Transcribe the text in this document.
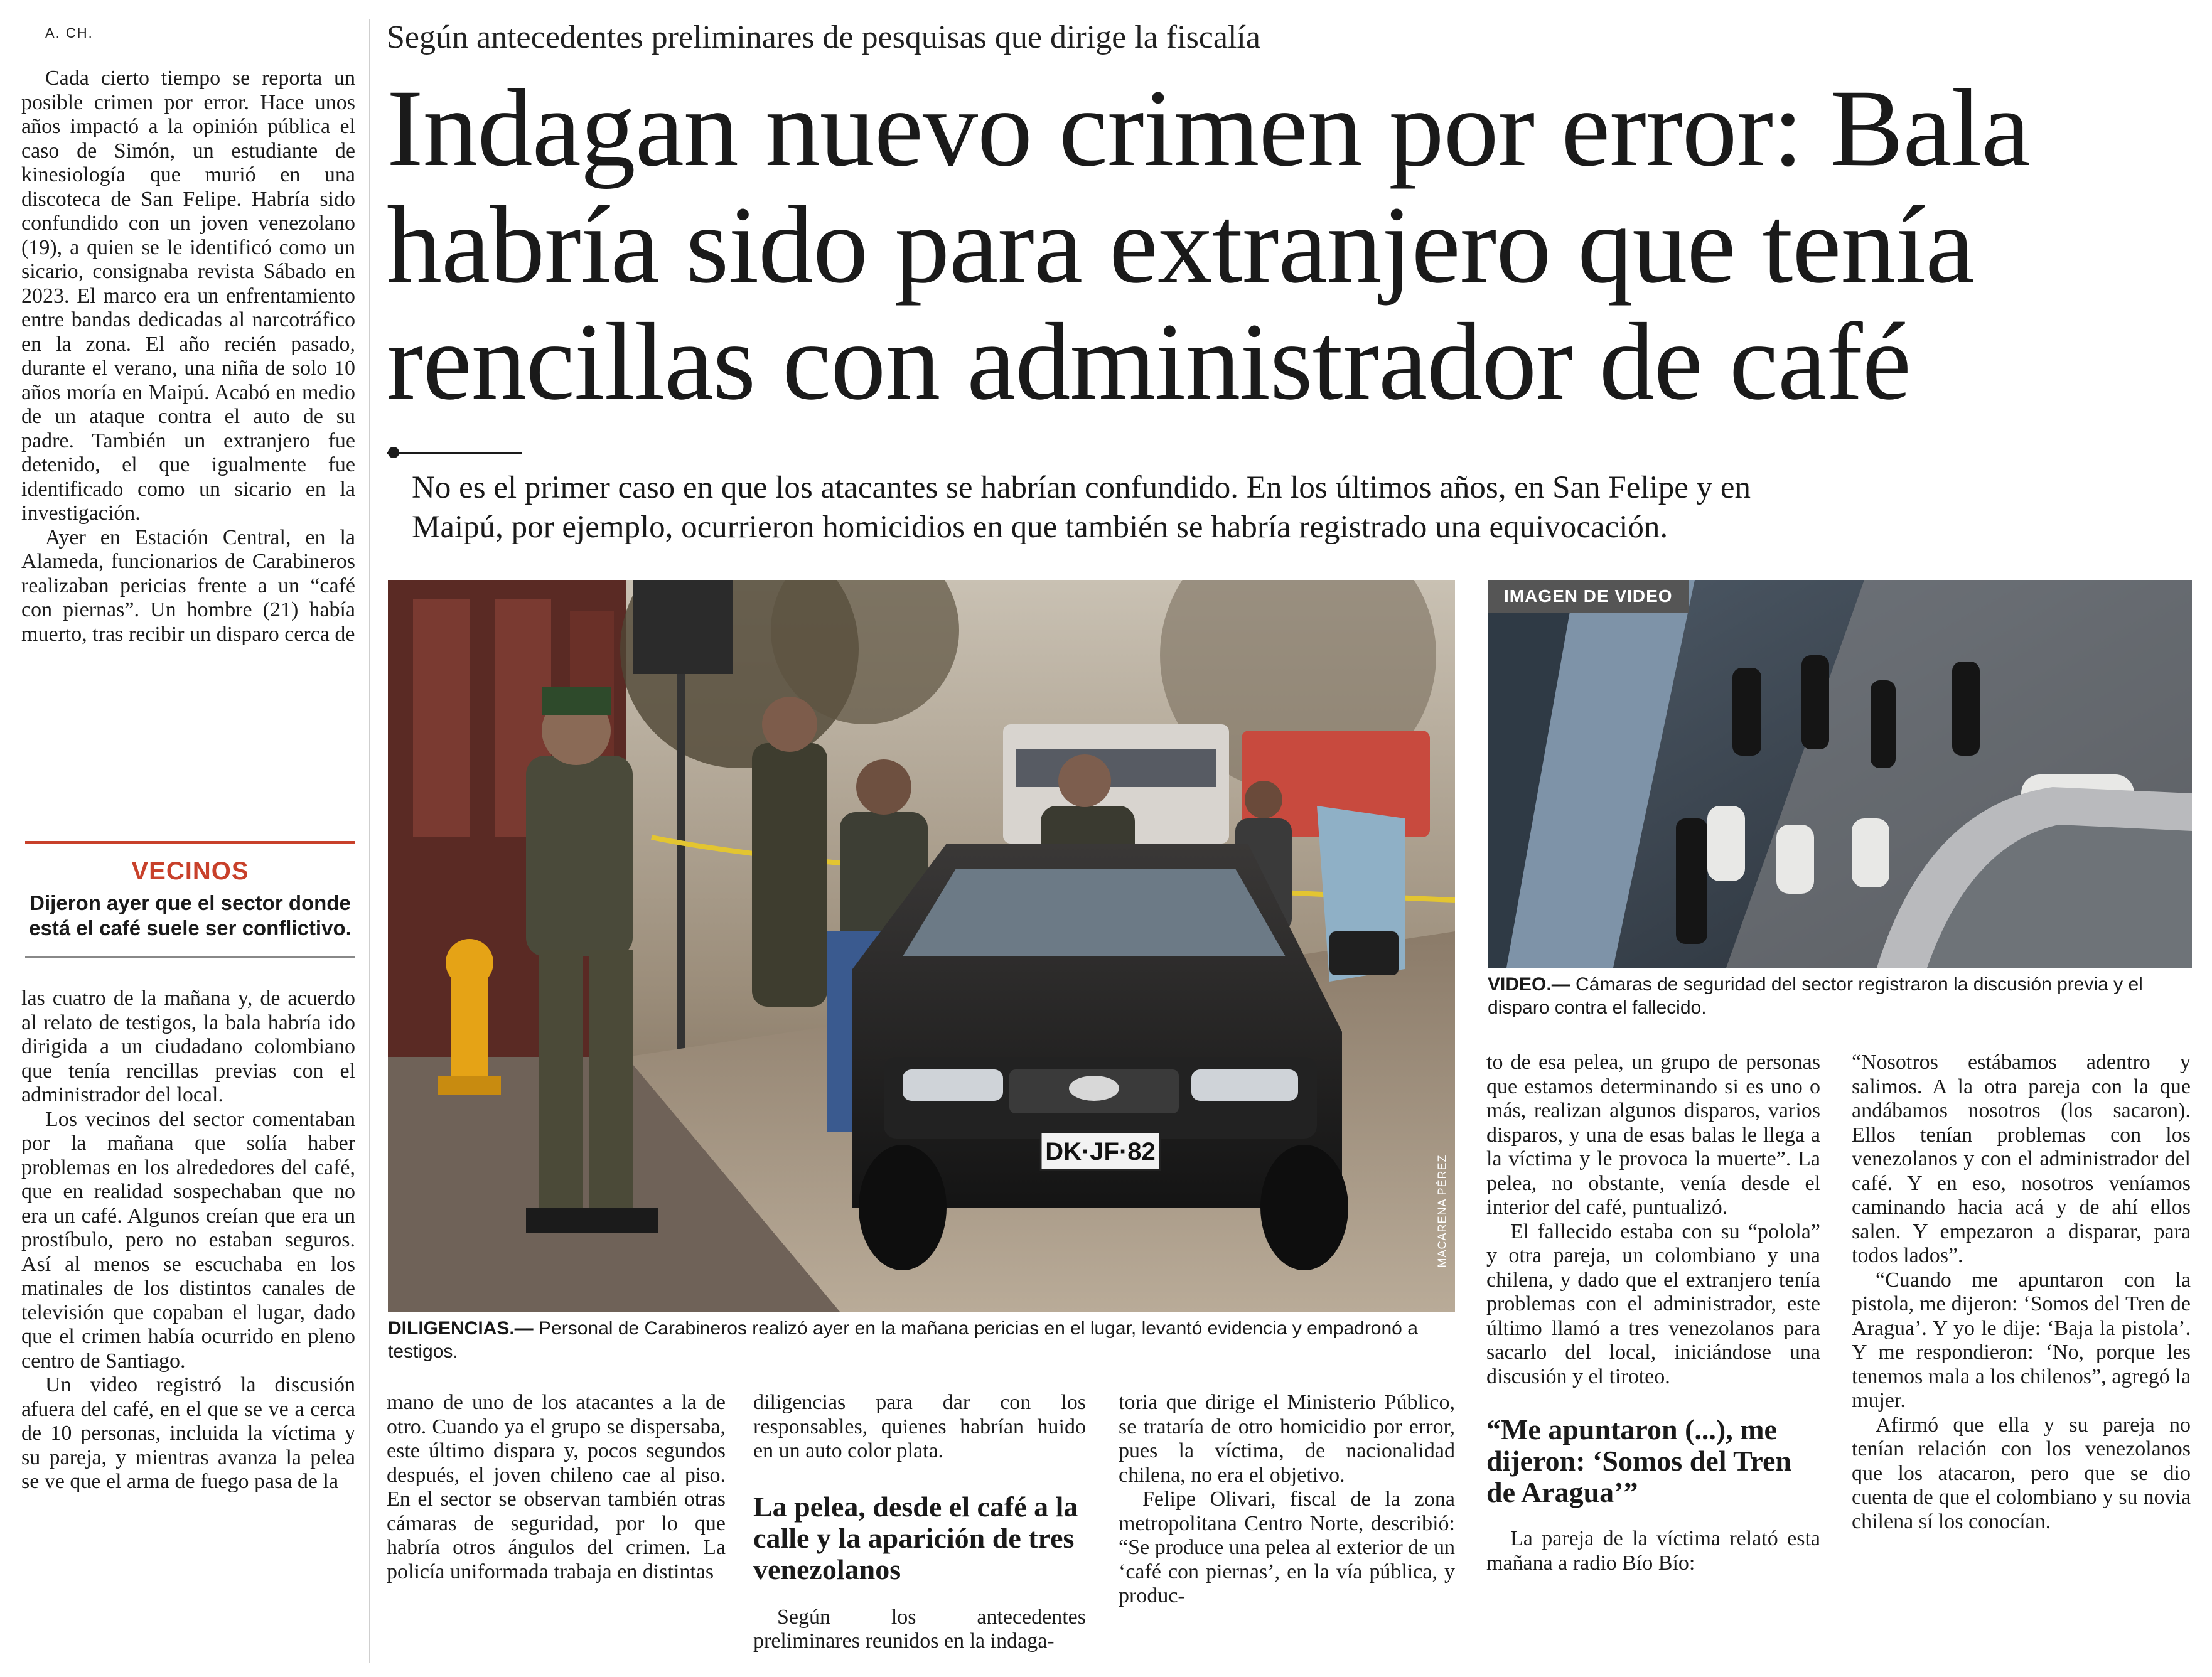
A. CH.

Cada cierto tiempo se reporta un posible crimen por error. Hace unos años impactó a la opinión pública el caso de Simón, un estudiante de kinesiología que murió en una discoteca de San Felipe. Habría sido confundido con un joven venezolano (19), a quien se le identificó como un sicario, consignaba revista Sábado en 2023. El marco era un enfrentamiento entre bandas dedicadas al narcotráfico en la zona. El año recién pasado, durante el verano, una niña de solo 10 años moría en Maipú. Acabó en medio de un ataque contra el auto de su padre. También un extranjero fue detenido, el que igualmente fue identificado como un sicario en la investigación.

Ayer en Estación Central, en la Alameda, funcionarios de Carabineros realizaban pericias frente a un “café con piernas”. Un hombre (21) había muerto, tras recibir un disparo cerca de

VECINOS
Dijeron ayer que el sector donde está el café suele ser conflictivo.

las cuatro de la mañana y, de acuerdo al relato de testigos, la bala habría ido dirigida a un ciudadano colombiano que tenía rencillas previas con el administrador del local.

Los vecinos del sector comentaban por la mañana que solía haber problemas en los alrededores del café, que en realidad sospechaban que no era un café. Algunos creían que era un prostíbulo, pero no estaban seguros. Así al menos se escuchaba en los matinales de los distintos canales de televisión que copaban el lugar, dado que el crimen había ocurrido en pleno centro de Santiago.

Un video registró la discusión afuera del café, en el que se ve a cerca de 10 personas, incluida la víctima y su pareja, y mientras avanza la pelea se ve que el arma de fuego pasa de la

Según antecedentes preliminares de pesquisas que dirige la fiscalía
Indagan nuevo crimen por error: Bala
habría sido para extranjero que tenía
rencillas con administrador de café
No es el primer caso en que los atacantes se habrían confundido. En los últimos años, en San Felipe y en
Maipú, por ejemplo, ocurrieron homicidios en que también se habría registrado una equivocación.
DK·JF·82
MACARENA PÉREZ
DILIGENCIAS.— Personal de Carabineros realizó ayer en la mañana pericias en el lugar, levantó evidencia y empadronó a testigos.
IMAGEN DE VIDEO
VIDEO.— Cámaras de seguridad del sector registraron la discusión previa y el disparo contra el fallecido.

mano de uno de los atacantes a la de otro. Cuando ya el grupo se dispersaba, este último dispara y, pocos segundos después, el joven chileno cae al piso. En el sector se observan también otras cámaras de seguridad, por lo que habría otros ángulos del crimen. La policía uniformada trabaja en distintas

diligencias para dar con los responsables, quienes habrían huido en un auto color plata.

La pelea, desde el café a la calle y la aparición de tres venezolanos

Según los antecedentes preliminares reunidos en la indaga-

toria que dirige el Ministerio Público, se trataría de otro homicidio por error, pues la víctima, de nacionalidad chilena, no era el objetivo.

Felipe Olivari, fiscal de la zona metropolitana Centro Norte, describió: “Se produce una pelea al exterior de un ‘café con piernas’, en la vía pública, y produc-

to de esa pelea, un grupo de personas que estamos determinando si es uno o más, realizan algunos disparos, varios disparos, y una de esas balas le llega a la víctima y le provoca la muerte”. La pelea, no obstante, venía desde el interior del café, puntualizó.

El fallecido estaba con su “polola” y otra pareja, un colombiano y una chilena, y dado que el extranjero tenía problemas con el administrador, este último llamó a tres venezolanos para sacarlo del local, iniciándose una discusión y el tiroteo.

“Me apuntaron (...), me dijeron: ‘Somos del Tren de Aragua’”

La pareja de la víctima relató esta mañana a radio Bío Bío:

“Nosotros estábamos adentro y salimos. A la otra pareja con la que andábamos nosotros (los sacaron). Ellos tenían problemas con los venezolanos y con el administrador del café. Y en eso, nosotros veníamos caminando hacia acá y de ahí ellos salen. Y empezaron a disparar, para todos lados”.

“Cuando me apuntaron con la pistola, me dijeron: ‘Somos del Tren de Aragua’. Y yo le dije: ‘Baja la pistola’. Y me respondieron: ‘No, porque les tenemos mala a los chilenos”, agregó la mujer.

Afirmó que ella y su pareja no tenían relación con los venezolanos que los atacaron, pero que se dio cuenta de que el colombiano y su novia chilena sí los conocían.
